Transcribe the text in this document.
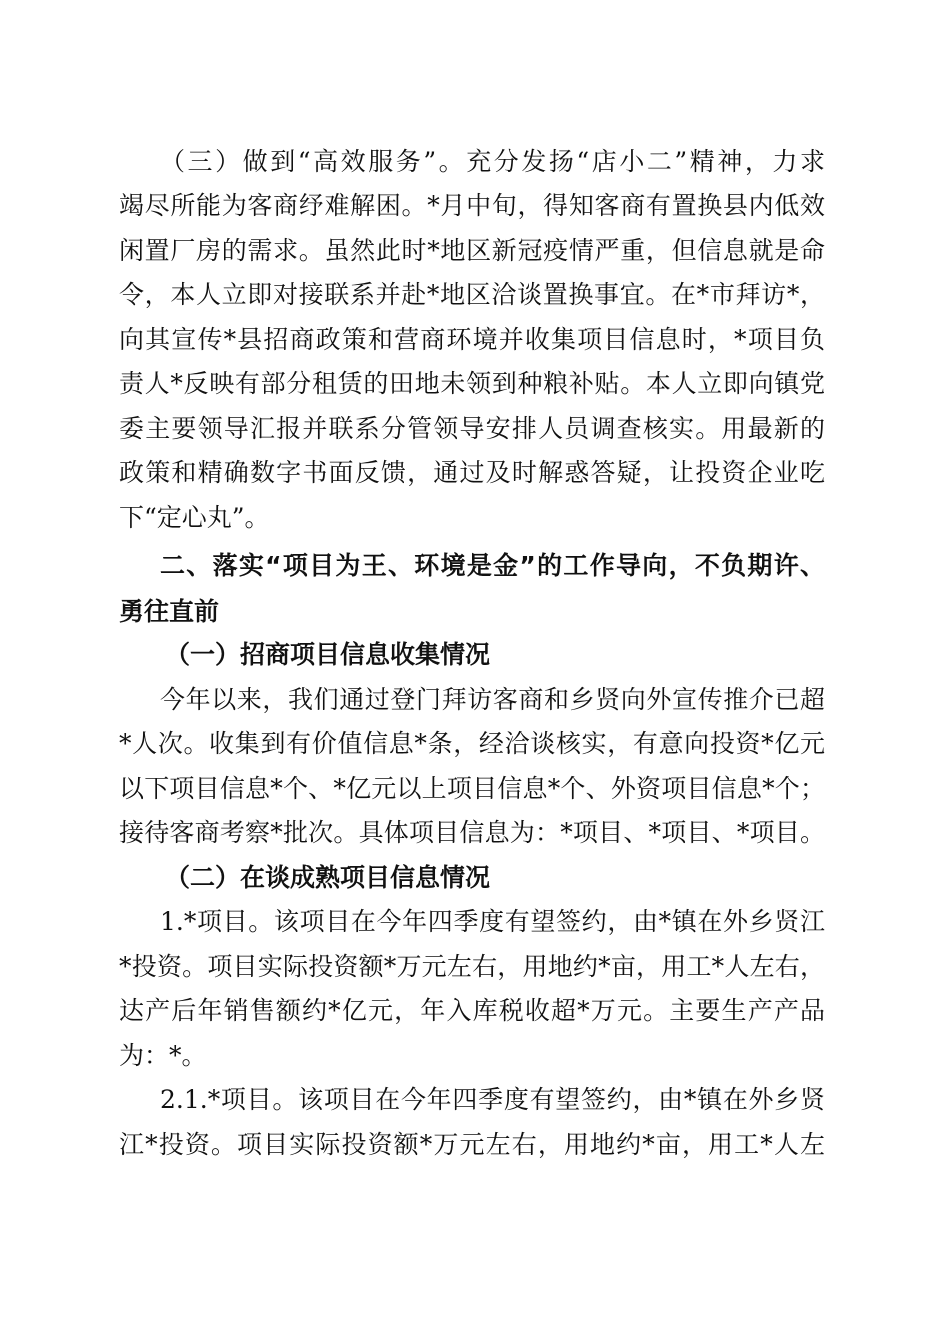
（三）做到“高效服务”。充分发扬“店小二”精神，力求
竭尽所能为客商纾难解困。*月中旬，得知客商有置换县内低效
闲置厂房的需求。虽然此时*地区新冠疫情严重，但信息就是命
令，本人立即对接联系并赴*地区洽谈置换事宜。在*市拜访*，
向其宣传*县招商政策和营商环境并收集项目信息时，*项目负
责人*反映有部分租赁的田地未领到种粮补贴。本人立即向镇党
委主要领导汇报并联系分管领导安排人员调查核实。用最新的
政策和精确数字书面反馈，通过及时解惑答疑，让投资企业吃
下“定心丸”。
二、落实“项目为王、环境是金”的工作导向，不负期许、
勇往直前
（一）招商项目信息收集情况
今年以来，我们通过登门拜访客商和乡贤向外宣传推介已超
*人次。收集到有价值信息*条，经洽谈核实，有意向投资*亿元
以下项目信息*个、*亿元以上项目信息*个、外资项目信息*个；
接待客商考察*批次。具体项目信息为：*项目、*项目、*项目。
（二）在谈成熟项目信息情况
1.*项目。该项目在今年四季度有望签约，由*镇在外乡贤江
*投资。项目实际投资额*万元左右，用地约*亩，用工*人左右，
达产后年销售额约*亿元，年入库税收超*万元。主要生产产品
为：*。
2.1.*项目。该项目在今年四季度有望签约，由*镇在外乡贤
江*投资。项目实际投资额*万元左右，用地约*亩，用工*人左
